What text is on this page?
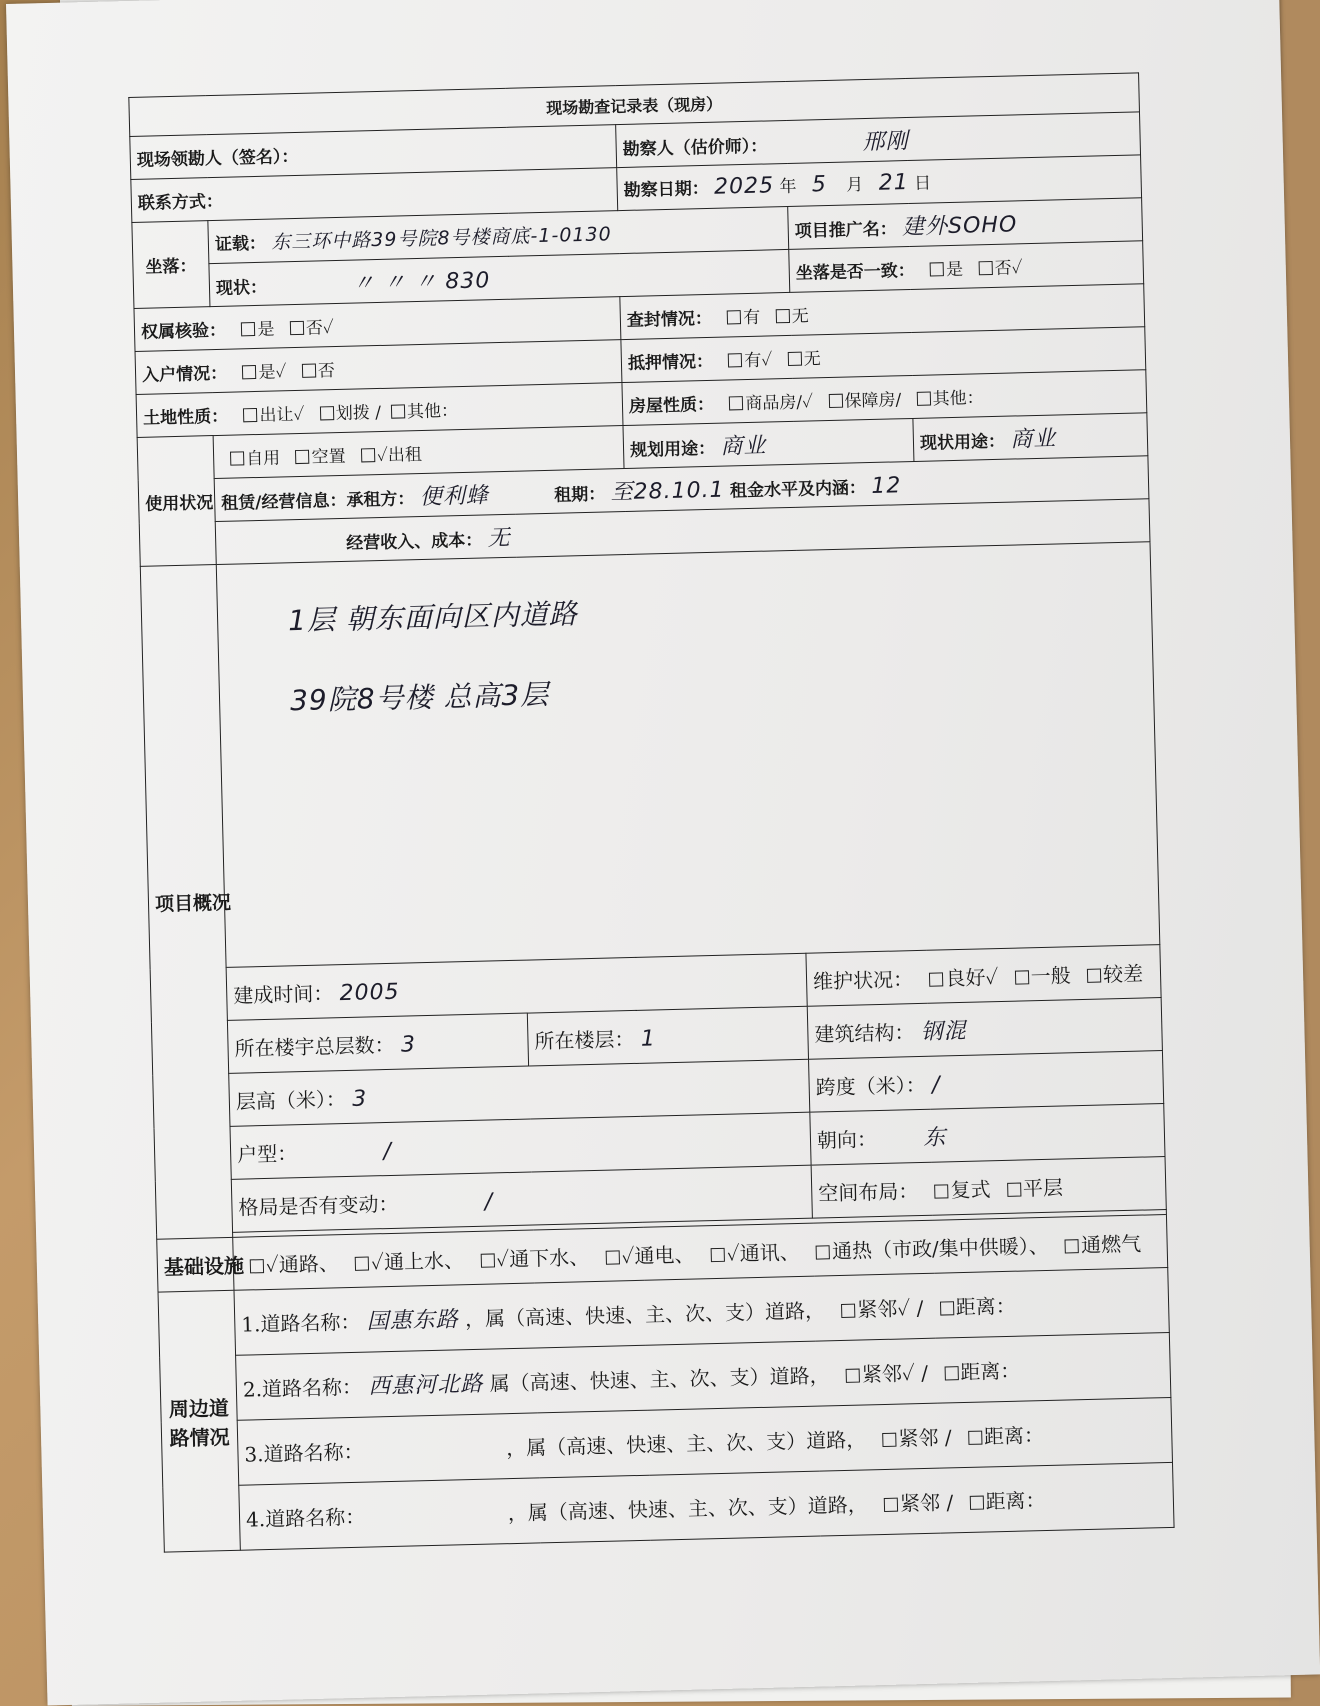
现场勘查记录表（现房）					
现场领勘人（签名）：			勘察人（估价师）： 邢刚		
联系方式：			勘察日期： 2025 年 5 月 21 日		
坐落：	证载： 东三环中路39号院8号楼商底-1-0130			项目推广名： 建外SOHO	
	现状： 〃 〃 〃 830			坐落是否一致： 是 否✓	
权属核验： 是 否✓			查封情况： 有 无		
入户情况： 是✓ 否			抵押情况： 有✓ 无		
土地性质： 出让✓ 划拨 / 其他：			房屋性质： 商品房/✓ 保障房/ 其他：		
使用状况	自用 空置 ✓出租		规划用途： 商业		现状用途： 商业
	租赁/经营信息：承租方： 便利蜂 租期： 至28.10.1 租金水平及内涵： 12				
	经营收入、成本： 无				
项目概况	1层 朝东面向区内道路
39院8号楼 总高3层				

	建成时间： 2005			维护状况： 良好✓ 一般 较差	
	所在楼宇总层数： 3	所在楼层： 1		建筑结构： 钢混	
	层高（米）： 3			跨度（米）： /	
	户型： /			朝向： 东	
	格局是否有变动： /			空间布局： 复式 平层	

基础设施	✓通路、 ✓通上水、 ✓通下水、 ✓通电、 ✓通讯、 通热（市政/集中供暖）、 通燃气				
周边道路情况	1.道路名称： 国惠东路 ，属（高速、快速、主、次、支）道路， 紧邻✓ / 距离：				
	2.道路名称： 西惠河北路 属（高速、快速、主、次、支）道路， 紧邻✓ / 距离：				
	3.道路名称： ，属（高速、快速、主、次、支）道路， 紧邻 / 距离：				
	4.道路名称： ，属（高速、快速、主、次、支）道路， 紧邻 / 距离：				
